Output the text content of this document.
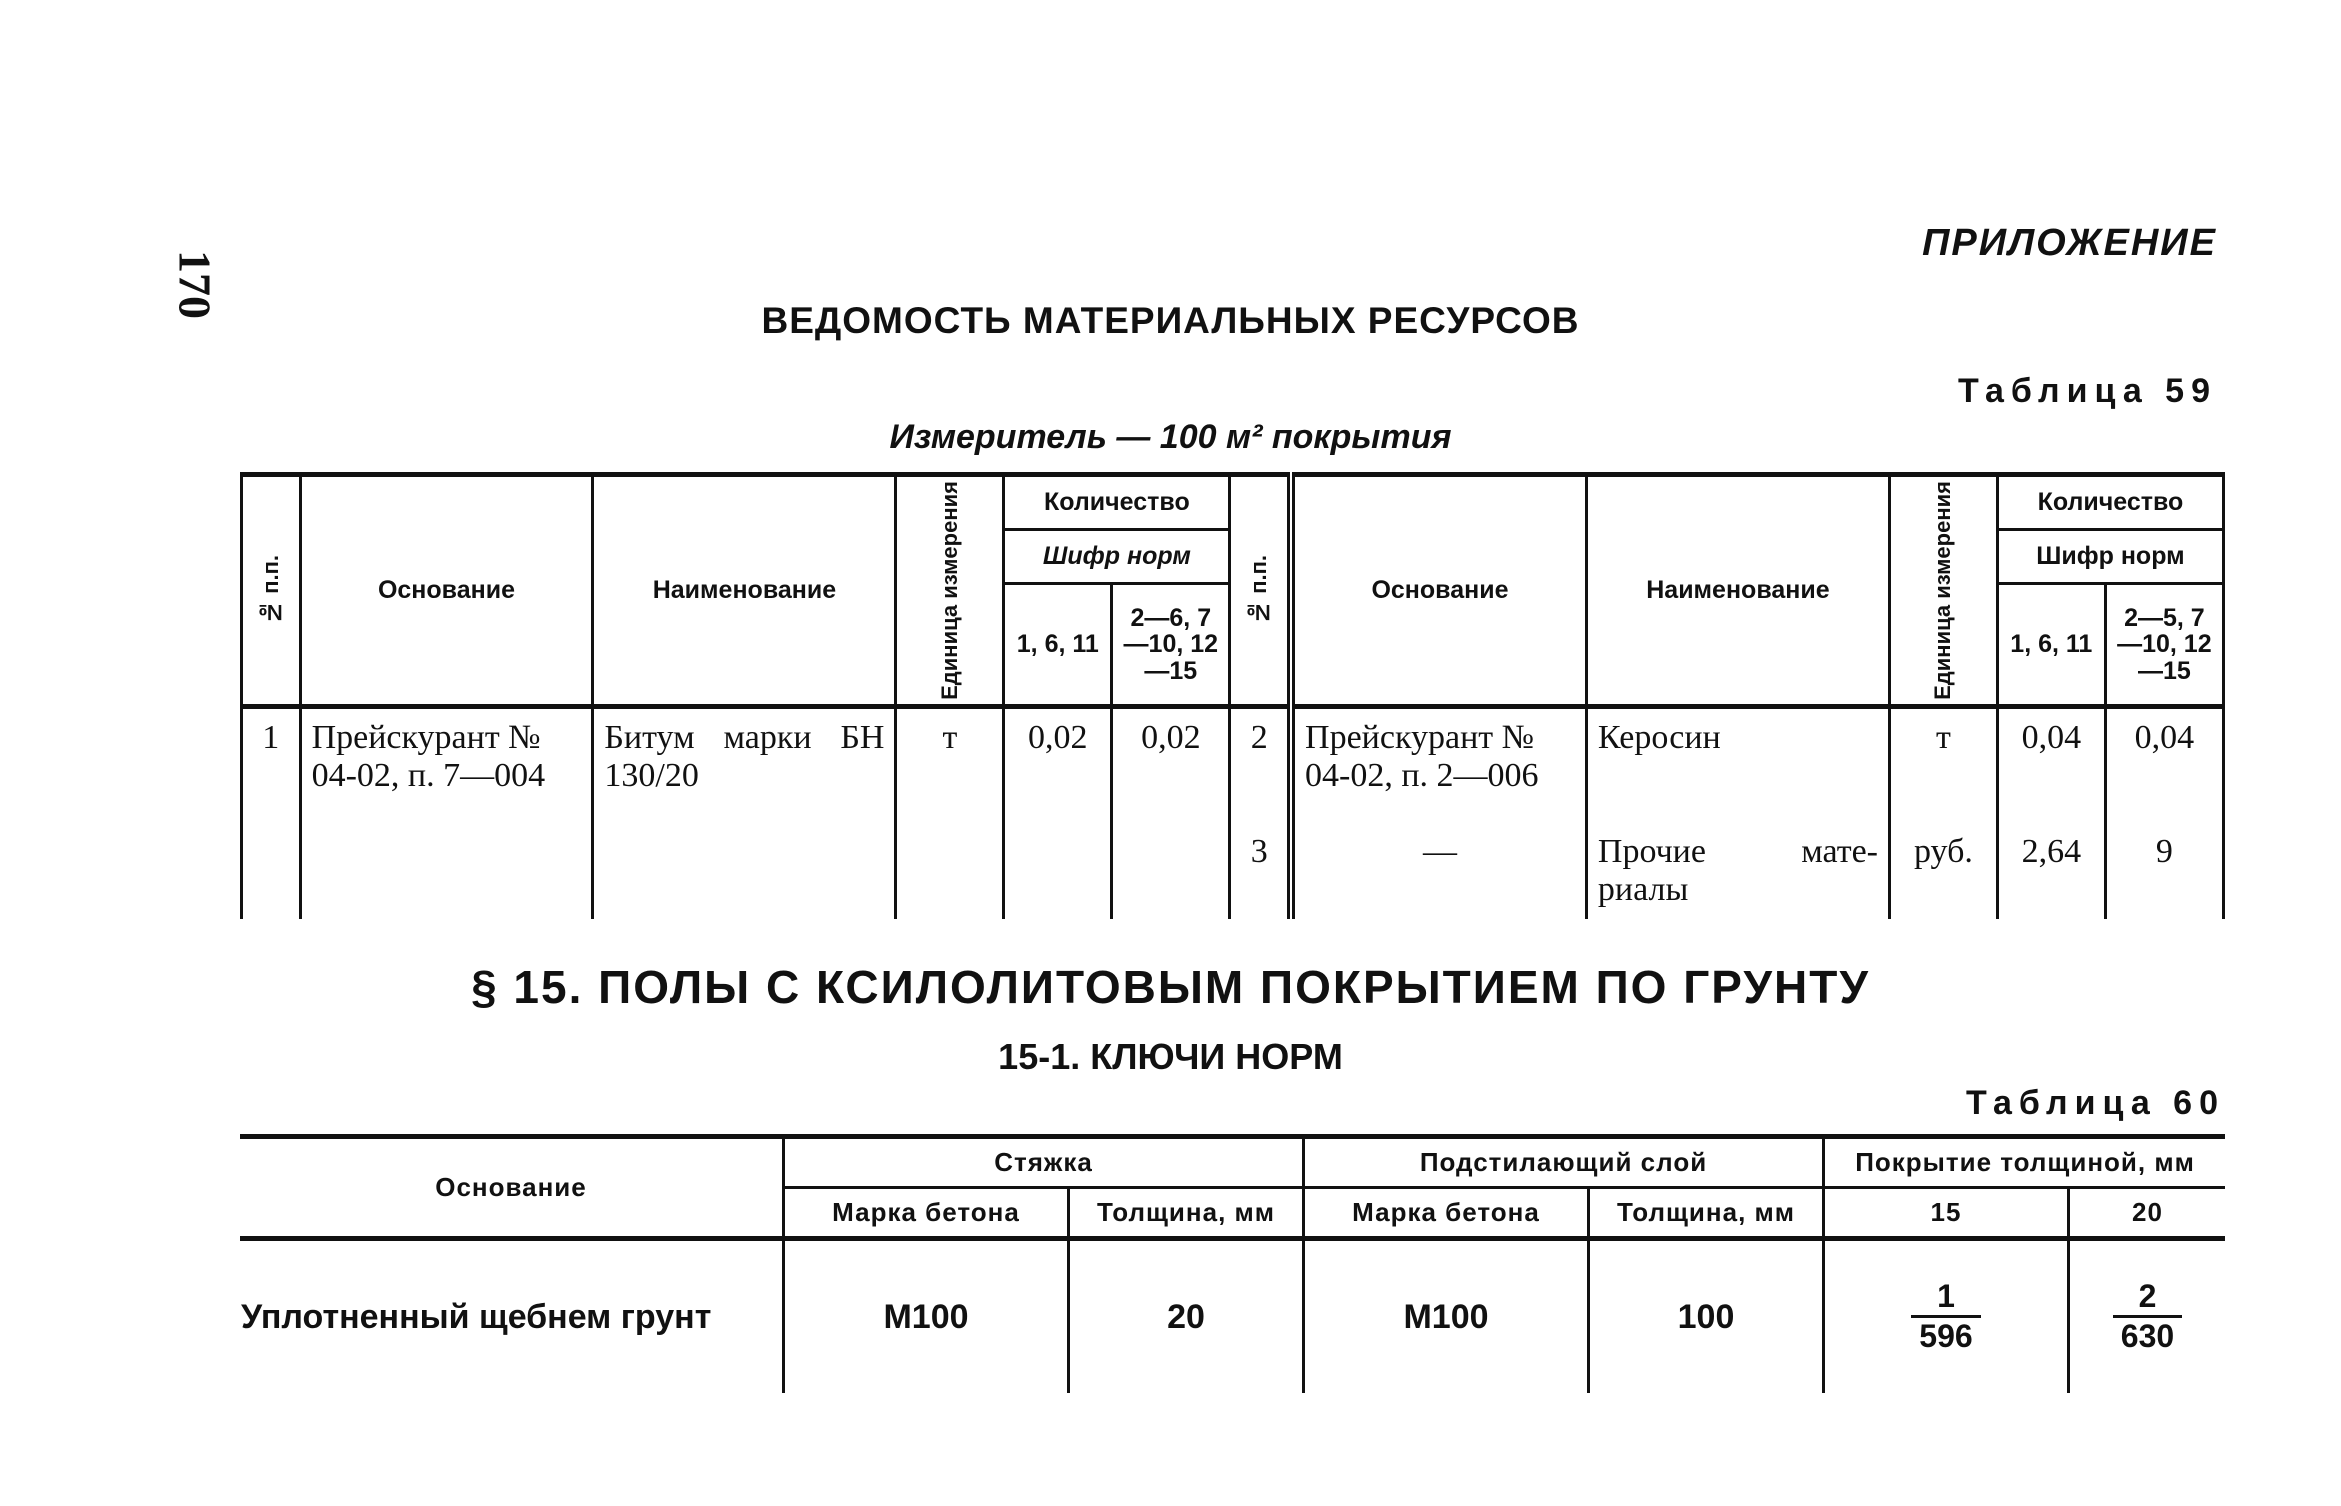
170
ПРИЛОЖЕНИЕ
ВЕДОМОСТЬ МАТЕРИАЛЬНЫХ РЕСУРСОВ
Таблица 59
Измеритель — 100 м² покрытия
№ п.п.	Основание	Наименование	Единица измерения	Количество		№ п.п.	Основание	Наименование	Единица измерения	Количество	
				Шифр норм						Шифр норм	
				1, 6, 11	2—6, 7—10, 12—15					1, 6, 11	2—5, 7—10, 12—15
1	Прейскурант № 04-02, п. 7—004	Битум марки БН 130/20	т	0,02	0,02	2	Прейскурант № 04-02, п. 2—006	Керосин	т	0,04	0,04
						3	—	Прочие мате-риалы	руб.	2,64	9
§ 15. ПОЛЫ С КСИЛОЛИТОВЫМ ПОКРЫТИЕМ ПО ГРУНТУ
15-1. КЛЮЧИ НОРМ
Таблица 60
Основание	Стяжка		Подстилающий слой		Покрытие толщиной, мм	
	Марка бетона	Толщина, мм	Марка бетона	Толщина, мм	15	20
Уплотненный щебнем грунт	М100	20	М100	100	$\frac{1}{596}$	$\frac{2}{630}$
